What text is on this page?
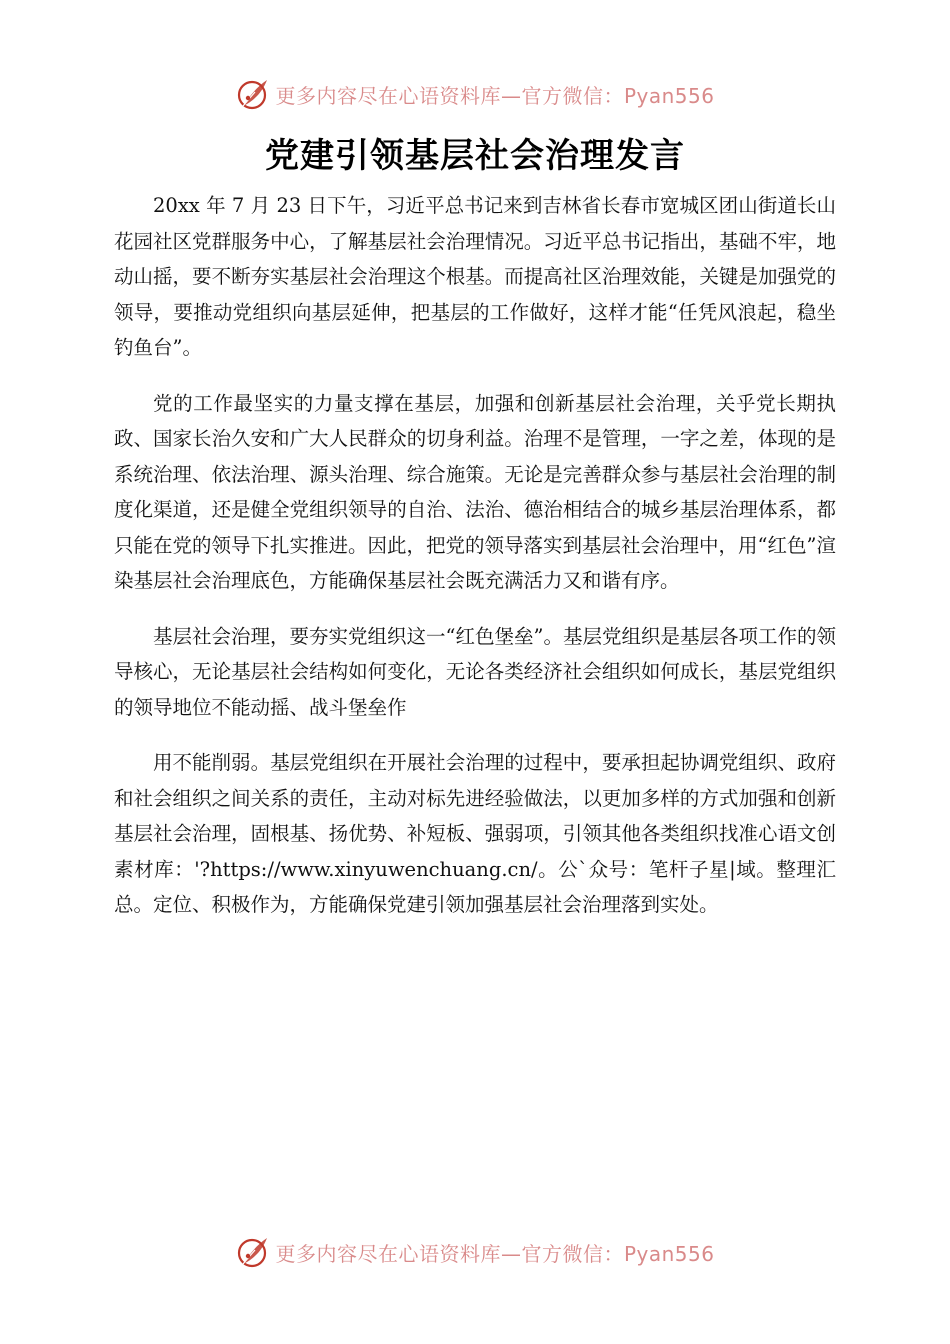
更多内容尽在心语资料库—官方微信：Pyan556
党建引领基层社会治理发言

20xx 年 7 月 23 日下午，习近平总书记来到吉林省长春市宽城区团山街道长山花园社区党群服务中心，了解基层社会治理情况。习近平总书记指出，基础不牢，地动山摇，要不断夯实基层社会治理这个根基。而提高社区治理效能，关键是加强党的领导，要推动党组织向基层延伸，把基层的工作做好，这样才能“任凭风浪起，稳坐钓鱼台”。

党的工作最坚实的力量支撑在基层，加强和创新基层社会治理，关乎党长期执政、国家长治久安和广大人民群众的切身利益。治理不是管理，一字之差，体现的是系统治理、依法治理、源头治理、综合施策。无论是完善群众参与基层社会治理的制度化渠道，还是健全党组织领导的自治、法治、德治相结合的城乡基层治理体系，都只能在党的领导下扎实推进。因此，把党的领导落实到基层社会治理中，用“红色”渲染基层社会治理底色，方能确保基层社会既充满活力又和谐有序。

基层社会治理，要夯实党组织这一“红色堡垒”。基层党组织是基层各项工作的领导核心，无论基层社会结构如何变化，无论各类经济社会组织如何成长，基层党组织的领导地位不能动摇、战斗堡垒作

用不能削弱。基层党组织在开展社会治理的过程中，要承担起协调党组织、政府和社会组织之间关系的责任，主动对标先进经验做法，以更加多样的方式加强和创新基层社会治理，固根基、扬优势、补短板、强弱项，引领其他各类组织找准心语文创素材库：'?https://www.xinyuwenchuang.cn/。公`众号：笔杆子星|域。整理汇总。定位、积极作为，方能确保党建引领加强基层社会治理落到实处。

更多内容尽在心语资料库—官方微信：Pyan556
